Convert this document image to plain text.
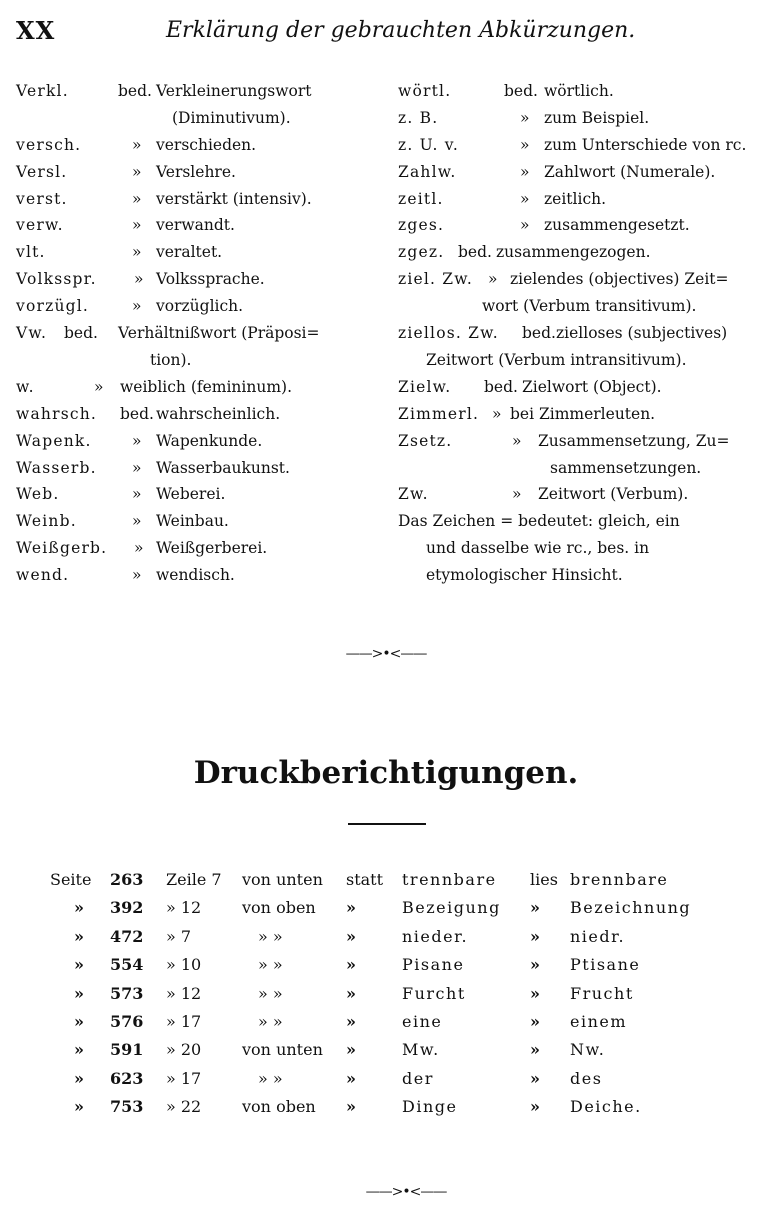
XX	Erklärung der gebrauchten Abkürzungen.
Verkl.	bed. Verkleinerungswort
(Diminutivum).
versch.	» verschieden.
Versl.	» Verslehre.
verst.	» verstärkt (intensiv).
verw.	» verwandt.
vlt.	» veraltet.
Volksspr. » Volkssprache.
vorzügl.	» vorzüglich.
Vw. bed. Verhältnißwort (Präposi=
tion).
w.	» weiblich (femininum).
wahrsch. bed. wahrscheinlich.
Wapenk.	» Wapenkunde.
Wasserb. » Wasserbaukunst.
Web.	» Weberei.
Weinb.	» Weinbau.
Weißgerb. » Weißgerberei.
wend.	» wendisch.
wörtl.	bed. wörtlich.
z. B.	» zum Beispiel.
z. U. v.	» zum Unterschiede von rc.
Zahlw.	» Zahlwort (Numerale).
zeitl.	» zeitlich.
zges.	» zusammengesetzt.
zgez. bed. zusammengezogen.
ziel. Zw. » zielendes (objectives) Zeit=
wort (Verbum transitivum).
ziellos. Zw. bed. zielloses (subjectives)
Zeitwort (Verbum intransitivum).
Zielw. bed. Zielwort (Object).
Zimmerl. » bei Zimmerleuten.
Zsetz.	» Zusammensetzung, Zu=
sammensetzungen.
Zw.	» Zeitwort (Verbum).
Das Zeichen = bedeutet: gleich, ein
und dasselbe wie rc., bes. in
etymologischer Hinsicht.
——>•<——
Druckberichtigungen.
Seite 263 Zeile 7 von unten statt trennbare lies brennbare
» 392 » 12	von oben »	Bezeigung » Bezeichnung
» 472 » 7	» »	»	nieder.	» niedr.
» 554 » 10	» »	»	Pisane	» Ptisane
» 573 » 12	» »	»	Furcht	» Frucht
» 576 » 17	» »	»	eine	» einem
» 591 » 20	von unten »	Mw.	» Nw.
» 623 » 17	» »	»	der	» des
» 753 » 22	von oben »	Dinge	» Deiche.
——>•<——
